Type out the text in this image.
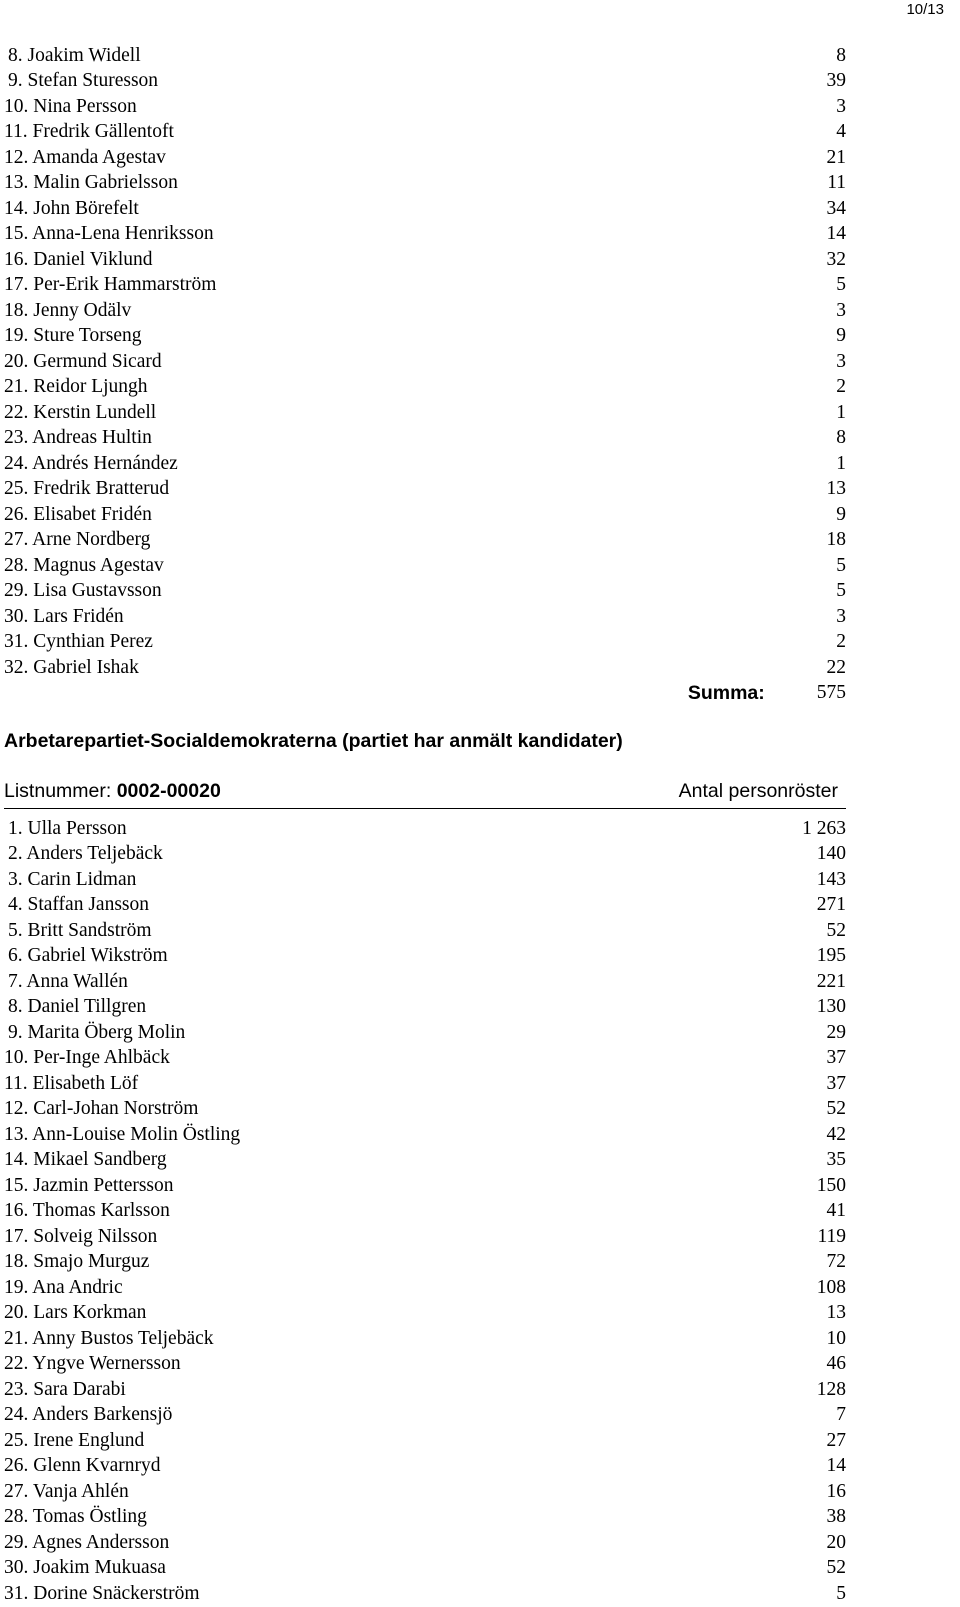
10/13
8. Joakim Widell	8
9. Stefan Sturesson	39
10. Nina Persson	3
11. Fredrik Gällentoft	4
12. Amanda Agestav	21
13. Malin Gabrielsson	11
14. John Börefelt	34
15. Anna-Lena Henriksson	14
16. Daniel Viklund	32
17. Per-Erik Hammarström	5
18. Jenny Odälv	3
19. Sture Torseng	9
20. Germund Sicard	3
21. Reidor Ljungh	2
22. Kerstin Lundell	1
23. Andreas Hultin	8
24. Andrés Hernández	1
25. Fredrik Bratterud	13
26. Elisabet Fridén	9
27. Arne Nordberg	18
28. Magnus Agestav	5
29. Lisa Gustavsson	5
30. Lars Fridén	3
31. Cynthian Perez	2
32. Gabriel Ishak	22
Summa:	575
Arbetarepartiet-Socialdemokraterna (partiet har anmält kandidater)
Listnummer: 0002-00020	Antal personröster
1. Ulla Persson	1 263
2. Anders Teljebäck	140
3. Carin Lidman	143
4. Staffan Jansson	271
5. Britt Sandström	52
6. Gabriel Wikström	195
7. Anna Wallén	221
8. Daniel Tillgren	130
9. Marita Öberg Molin	29
10. Per-Inge Ahlbäck	37
11. Elisabeth Löf	37
12. Carl-Johan Norström	52
13. Ann-Louise Molin Östling	42
14. Mikael Sandberg	35
15. Jazmin Pettersson	150
16. Thomas Karlsson	41
17. Solveig Nilsson	119
18. Smajo Murguz	72
19. Ana Andric	108
20. Lars Korkman	13
21. Anny Bustos Teljebäck	10
22. Yngve Wernersson	46
23. Sara Darabi	128
24. Anders Barkensjö	7
25. Irene Englund	27
26. Glenn Kvarnryd	14
27. Vanja Ahlén	16
28. Tomas Östling	38
29. Agnes Andersson	20
30. Joakim Mukuasa	52
31. Dorine Snäckerström	5
